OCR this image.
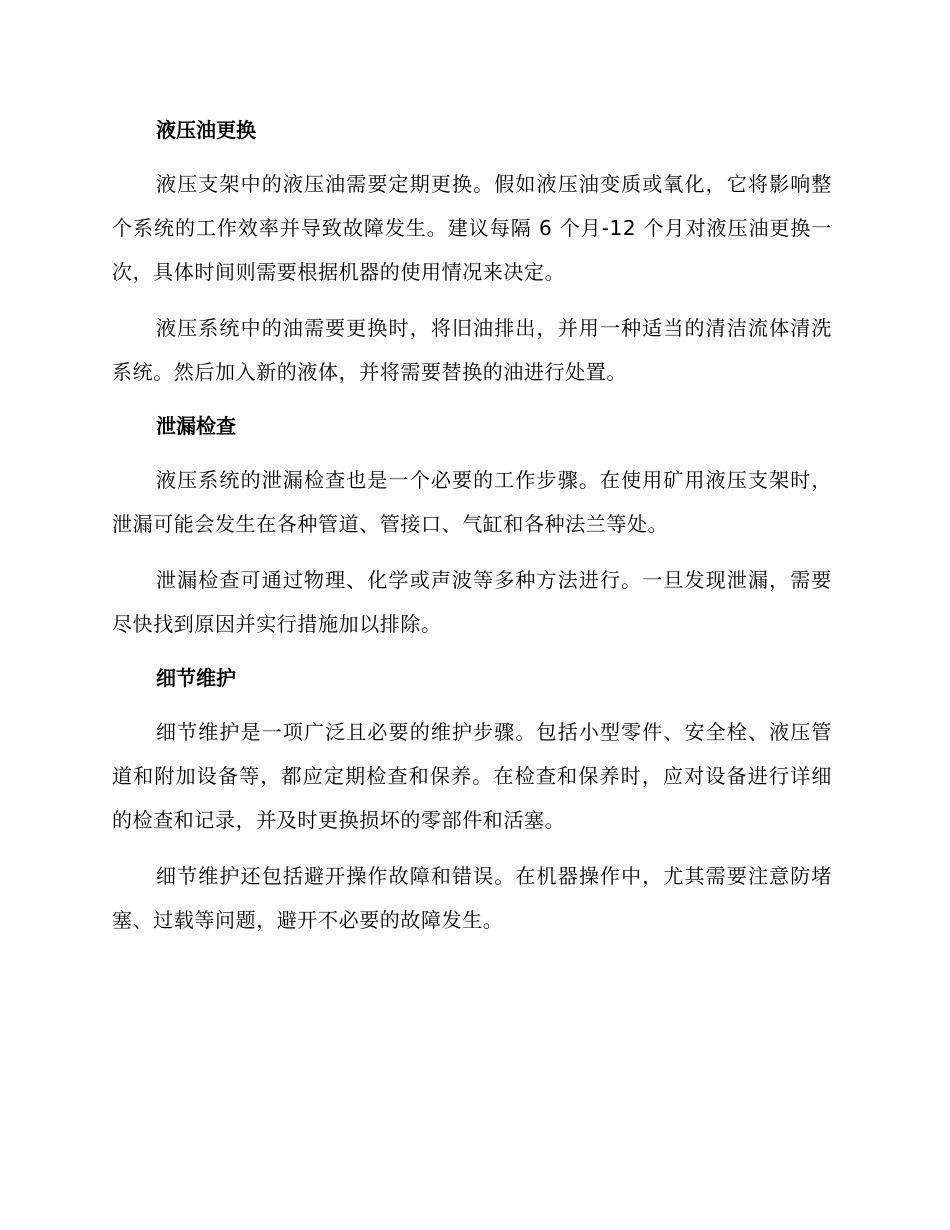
液压油更换

液压支架中的液压油需要定期更换。假如液压油变质或氧化，它将影响整个系统的工作效率并导致故障发生。建议每隔 6 个月-12 个月对液压油更换一次，具体时间则需要根据机器的使用情况来决定。

液压系统中的油需要更换时，将旧油排出，并用一种适当的清洁流体清洗系统。然后加入新的液体，并将需要替换的油进行处置。

泄漏检查

液压系统的泄漏检查也是一个必要的工作步骤。在使用矿用液压支架时，泄漏可能会发生在各种管道、管接口、气缸和各种法兰等处。

泄漏检查可通过物理、化学或声波等多种方法进行。一旦发现泄漏，需要尽快找到原因并实行措施加以排除。

细节维护

细节维护是一项广泛且必要的维护步骤。包括小型零件、安全栓、液压管道和附加设备等，都应定期检查和保养。在检查和保养时，应对设备进行详细的检查和记录，并及时更换损坏的零部件和活塞。

细节维护还包括避开操作故障和错误。在机器操作中，尤其需要注意防堵塞、过载等问题，避开不必要的故障发生。
